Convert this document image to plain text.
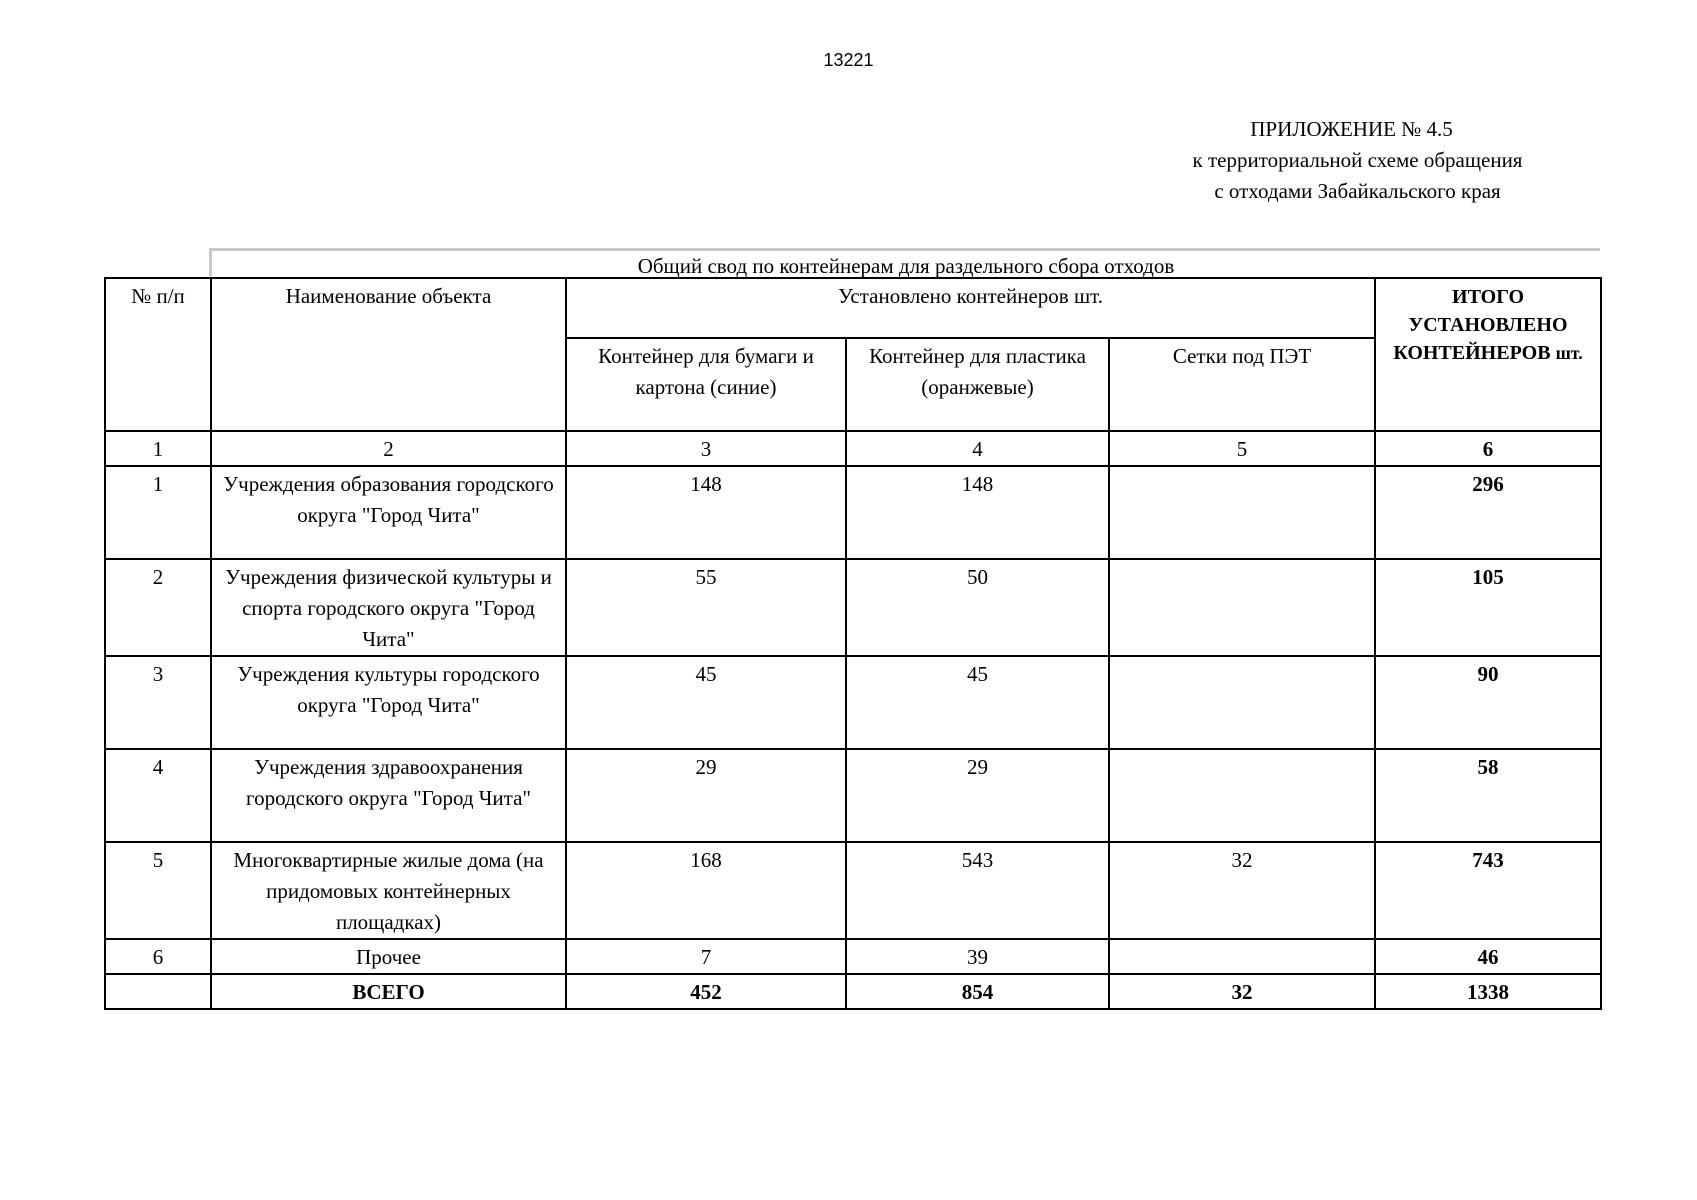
13221
ПРИЛОЖЕНИЕ № 4.5
к территориальной схеме обращения
с отходами Забайкальского края
Общий свод по контейнерам для раздельного сбора отходов
№ п/п	Наименование объекта	Установлено контейнеров шт.			ИТОГО УСТАНОВЛЕНО КОНТЕЙНЕРОВ шт.
		Контейнер для бумаги и картона (синие)	Контейнер для пластика (оранжевые)	Сетки под ПЭТ	
1	2	3	4	5	6
1	Учреждения образования городского округа "Город Чита"	148	148		296
2	Учреждения физической культуры и спорта городского округа "Город Чита"	55	50		105
3	Учреждения культуры городского округа "Город Чита"	45	45		90
4	Учреждения здравоохранения городского округа "Город Чита"	29	29		58
5	Многоквартирные жилые дома (на придомовых контейнерных площадках)	168	543	32	743
6	Прочее	7	39		46
	ВСЕГО	452	854	32	1338
